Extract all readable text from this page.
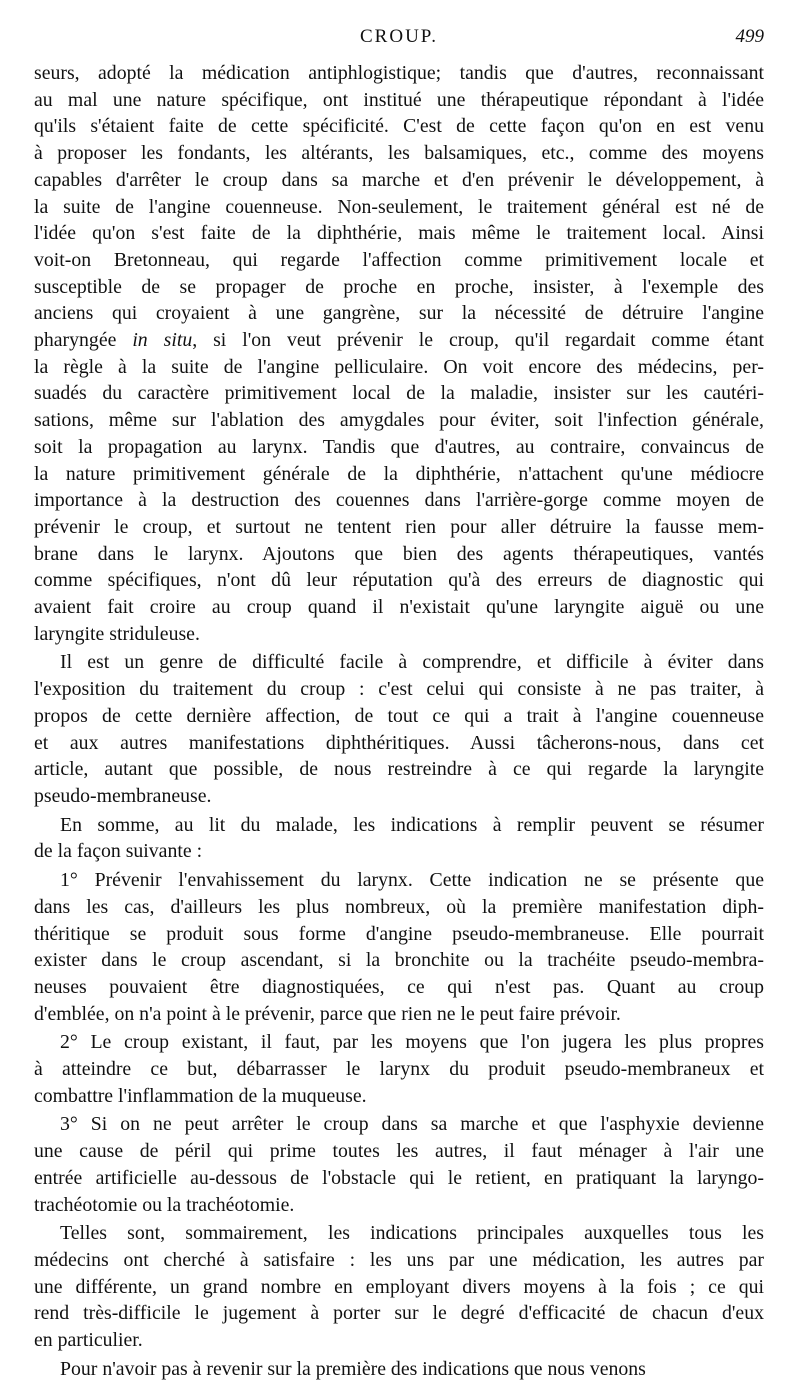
CROUP.	499
seurs, adopté la médication antiphlogistique; tandis que d'autres, reconnaissant
au mal une nature spécifique, ont institué une thérapeutique répondant à l'idée
qu'ils s'étaient faite de cette spécificité. C'est de cette façon qu'on en est venu
à proposer les fondants, les altérants, les balsamiques, etc., comme des moyens
capables d'arrêter le croup dans sa marche et d'en prévenir le développement, à
la suite de l'angine couenneuse. Non-seulement, le traitement général est né de
l'idée qu'on s'est faite de la diphthérie, mais même le traitement local. Ainsi
voit-on Bretonneau, qui regarde l'affection comme primitivement locale et
susceptible de se propager de proche en proche, insister, à l'exemple des
anciens qui croyaient à une gangrène, sur la nécessité de détruire l'angine
pharyngée in situ, si l'on veut prévenir le croup, qu'il regardait comme étant
la règle à la suite de l'angine pelliculaire. On voit encore des médecins, per-
suadés du caractère primitivement local de la maladie, insister sur les cautéri-
sations, même sur l'ablation des amygdales pour éviter, soit l'infection générale,
soit la propagation au larynx. Tandis que d'autres, au contraire, convaincus de
la nature primitivement générale de la diphthérie, n'attachent qu'une médiocre
importance à la destruction des couennes dans l'arrière-gorge comme moyen de
prévenir le croup, et surtout ne tentent rien pour aller détruire la fausse mem-
brane dans le larynx. Ajoutons que bien des agents thérapeutiques, vantés
comme spécifiques, n'ont dû leur réputation qu'à des erreurs de diagnostic qui
avaient fait croire au croup quand il n'existait qu'une laryngite aiguë ou une
laryngite striduleuse.
Il est un genre de difficulté facile à comprendre, et difficile à éviter dans
l'exposition du traitement du croup : c'est celui qui consiste à ne pas traiter, à
propos de cette dernière affection, de tout ce qui a trait à l'angine couenneuse
et aux autres manifestations diphthéritiques. Aussi tâcherons-nous, dans cet
article, autant que possible, de nous restreindre à ce qui regarde la laryngite
pseudo-membraneuse.
En somme, au lit du malade, les indications à remplir peuvent se résumer
de la façon suivante :
1° Prévenir l'envahissement du larynx. Cette indication ne se présente que
dans les cas, d'ailleurs les plus nombreux, où la première manifestation diph-
théritique se produit sous forme d'angine pseudo-membraneuse. Elle pourrait
exister dans le croup ascendant, si la bronchite ou la trachéite pseudo-membra-
neuses pouvaient être diagnostiquées, ce qui n'est pas. Quant au croup
d'emblée, on n'a point à le prévenir, parce que rien ne le peut faire prévoir.
2° Le croup existant, il faut, par les moyens que l'on jugera les plus propres
à atteindre ce but, débarrasser le larynx du produit pseudo-membraneux et
combattre l'inflammation de la muqueuse.
3° Si on ne peut arrêter le croup dans sa marche et que l'asphyxie devienne
une cause de péril qui prime toutes les autres, il faut ménager à l'air une
entrée artificielle au-dessous de l'obstacle qui le retient, en pratiquant la laryngo-
trachéotomie ou la trachéotomie.
Telles sont, sommairement, les indications principales auxquelles tous les
médecins ont cherché à satisfaire : les uns par une médication, les autres par
une différente, un grand nombre en employant divers moyens à la fois ; ce qui
rend très-difficile le jugement à porter sur le degré d'efficacité de chacun d'eux
en particulier.
Pour n'avoir pas à revenir sur la première des indications que nous venons
